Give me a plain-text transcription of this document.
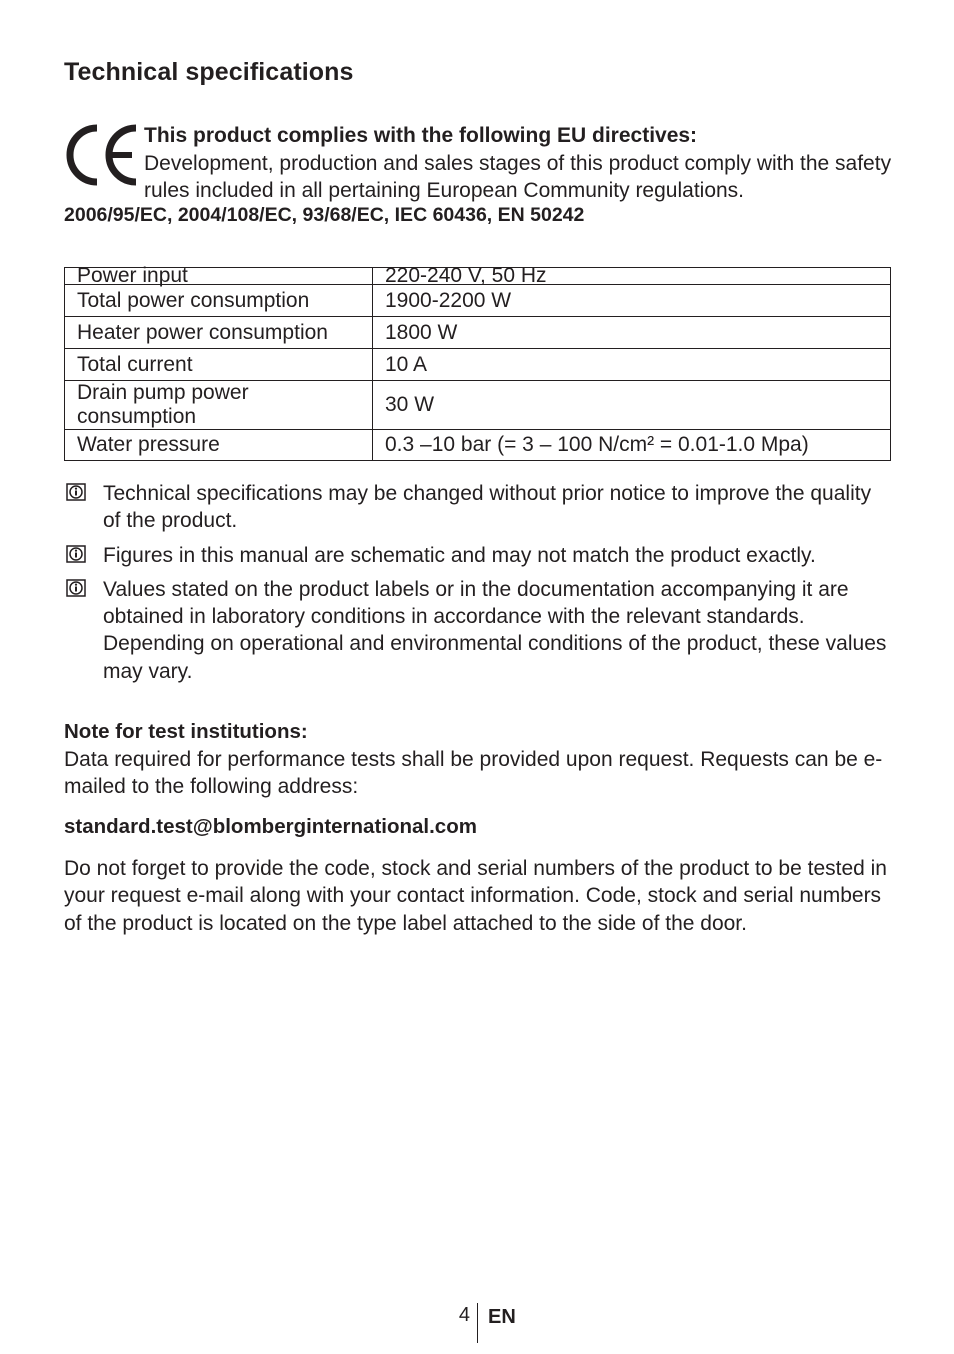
Technical specifications
This product complies with the following EU directives:
Development, production and sales stages of this product comply with the safety rules included in all pertaining European Community regulations.
2006/95/EC, 2004/108/EC, 93/68/EC, IEC 60436, EN 50242
Power input	220-240 V, 50 Hz
Total power consumption	1900-2200 W
Heater power consumption	1800 W
Total current	10 A
Drain pump power consumption	30 W
Water pressure	0.3 –10 bar (= 3 – 100 N/cm² = 0.01-1.0 Mpa)
Technical specifications may be changed without prior notice to improve the quality of the product.
Figures in this manual are schematic and may not match the product exactly.
Values stated on the product labels or in the documentation accompanying it are obtained in laboratory conditions in accordance with the relevant standards. Depending on operational and environmental conditions of the product, these values may vary.
Note for test institutions:
Data required for performance tests shall be provided upon request. Requests can be e-mailed to the following address:
standard.test@blomberginternational.com
Do not forget to provide the code, stock and serial numbers of the product to be tested in your request e-mail along with your contact information. Code, stock and serial numbers of the product is located on the type label attached to the side of the door.
4 EN
